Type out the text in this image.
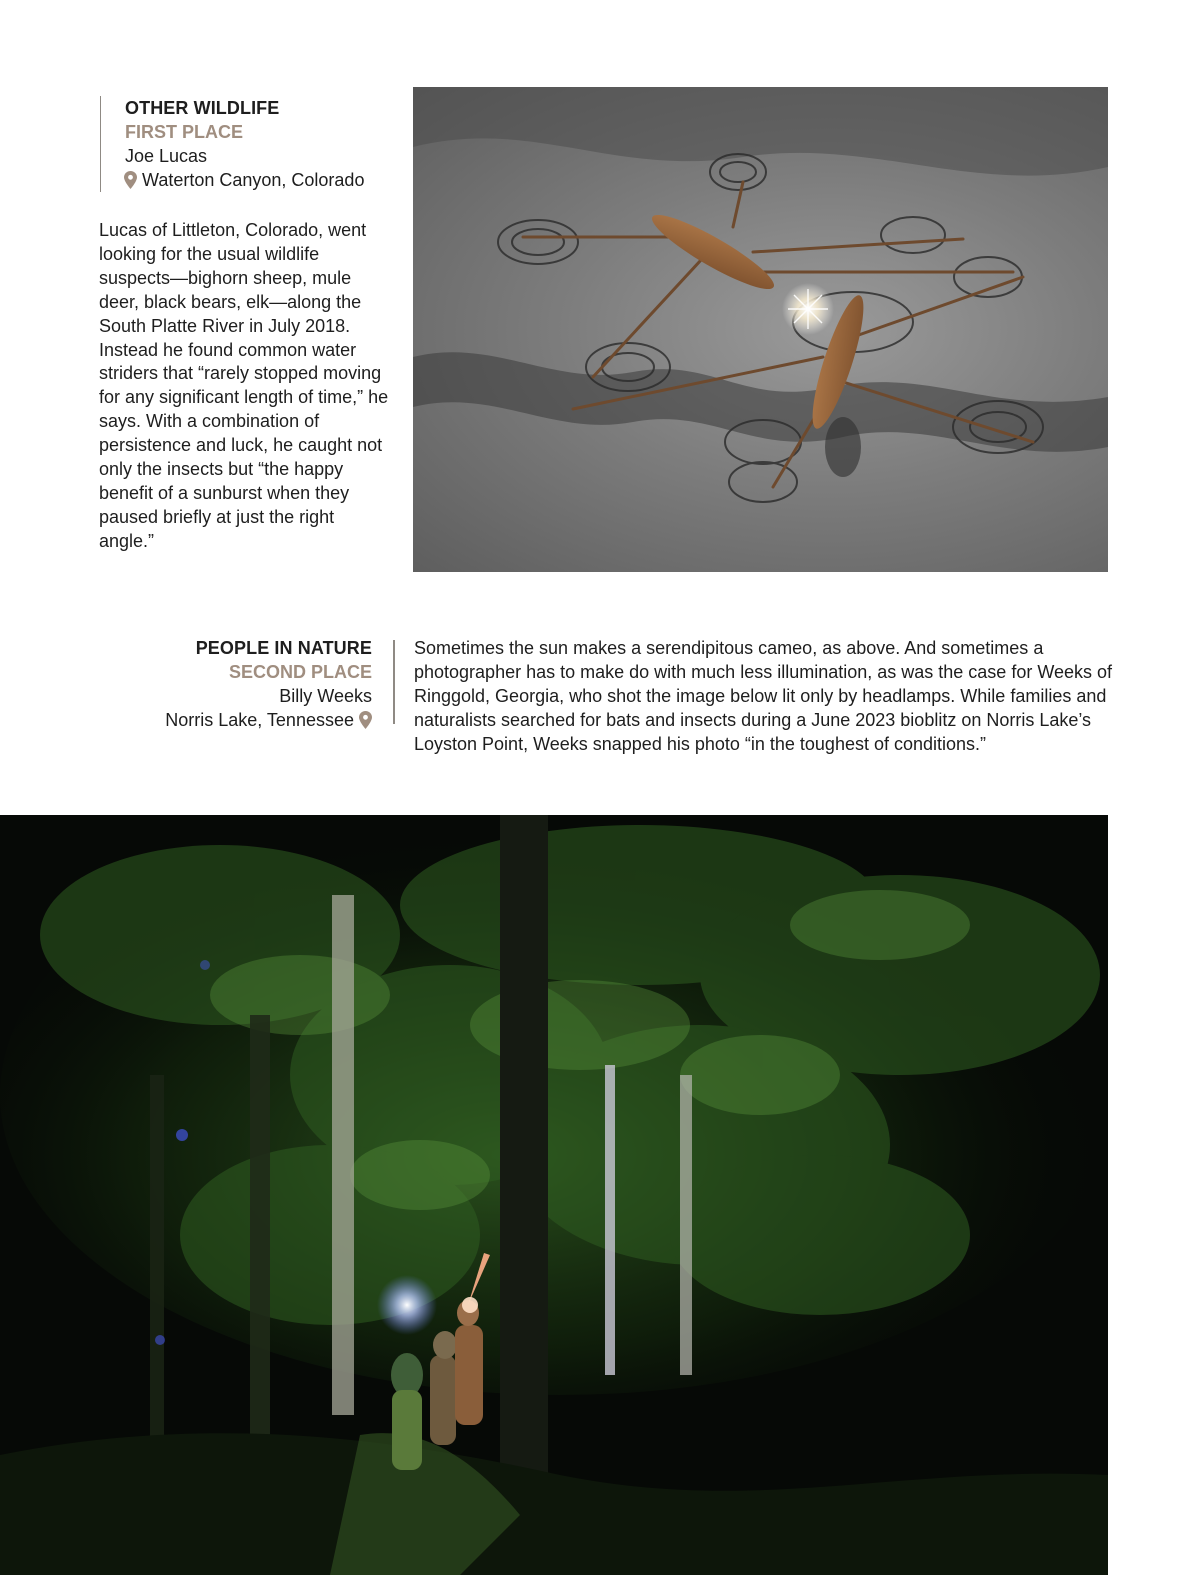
OTHER WILDLIFE
FIRST PLACE
Joe Lucas
Waterton Canyon, Colorado

Lucas of Littleton, Colorado, went looking for the usual wildlife suspects—bighorn sheep, mule deer, black bears, elk—along the South Platte River in July 2018. Instead he found common water striders that “rarely stopped moving for any significant length of time,” he says. With a combination of persistence and luck, he caught not only the insects but “the happy benefit of a sunburst when they paused briefly at just the right angle.”

PEOPLE IN NATURE
SECOND PLACE
Billy Weeks
Norris Lake, Tennessee

Sometimes the sun makes a serendipitous cameo, as above. And sometimes a photographer has to make do with much less illumination, as was the case for Weeks of Ringgold, Georgia, who shot the image below lit only by headlamps. While families and naturalists searched for bats and insects during a June 2023 bioblitz on Norris Lake’s Loyston Point, Weeks snapped his photo “in the toughest of conditions.”
